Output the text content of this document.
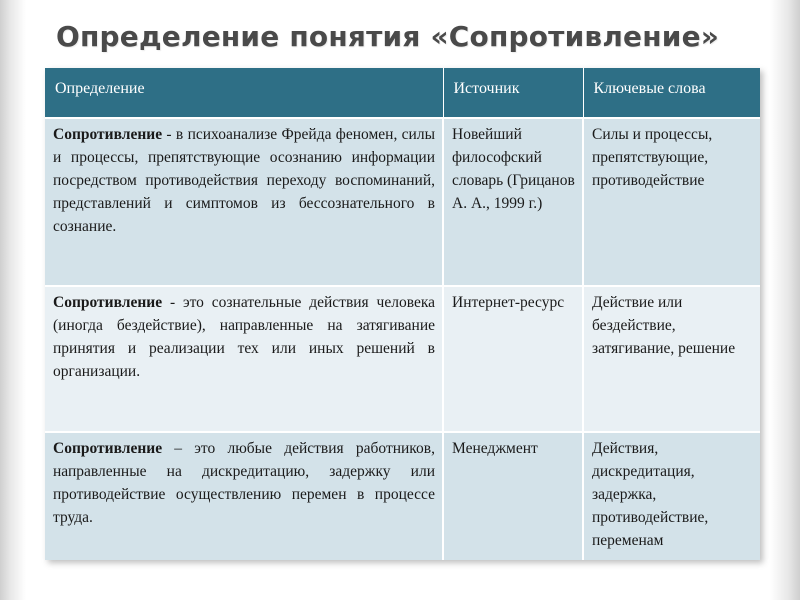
Определение понятия «Сопротивление»
Определение	Источник	Ключевые слова
Сопротивление - в психоанализе Фрейда феномен, силы и процессы, препятствующие осознанию информации посредством противодействия переходу воспоминаний, представлений и симптомов из бессознательного в сознание.	Новейший философский словарь (Грицанов А. А., 1999 г.)	Силы и процессы, препятствующие, противодействие
Сопротивление - это сознательные действия человека (иногда бездействие), направленные на затягивание принятия и реализации тех или иных решений в организации.	Интернет-ресурс	Действие или бездействие, затягивание, решение
Сопротивление – это любые действия работников, направленные на дискредитацию, задержку или противодействие осуществлению перемен в процессе труда.	Менеджмент	Действия, дискредитация, задержка, противодействие, переменам
